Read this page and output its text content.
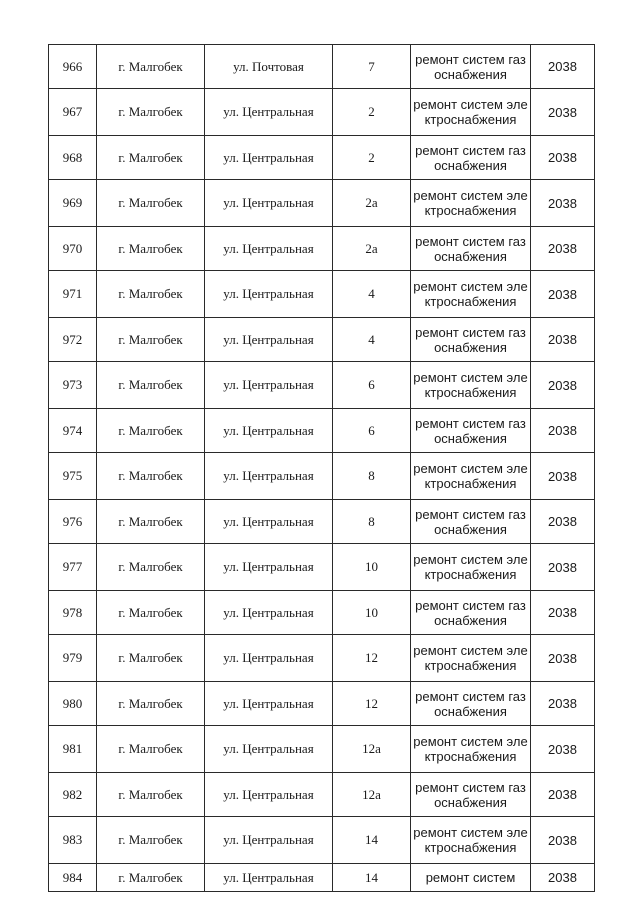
966	г. Малгобек	ул. Почтовая	7	ремонт систем газоснабжения	2038
967	г. Малгобек	ул. Центральная	2	ремонт систем электроснабжения	2038
968	г. Малгобек	ул. Центральная	2	ремонт систем газоснабжения	2038
969	г. Малгобек	ул. Центральная	2а	ремонт систем электроснабжения	2038
970	г. Малгобек	ул. Центральная	2а	ремонт систем газоснабжения	2038
971	г. Малгобек	ул. Центральная	4	ремонт систем электроснабжения	2038
972	г. Малгобек	ул. Центральная	4	ремонт систем газоснабжения	2038
973	г. Малгобек	ул. Центральная	6	ремонт систем электроснабжения	2038
974	г. Малгобек	ул. Центральная	6	ремонт систем газоснабжения	2038
975	г. Малгобек	ул. Центральная	8	ремонт систем электроснабжения	2038
976	г. Малгобек	ул. Центральная	8	ремонт систем газоснабжения	2038
977	г. Малгобек	ул. Центральная	10	ремонт систем электроснабжения	2038
978	г. Малгобек	ул. Центральная	10	ремонт систем газоснабжения	2038
979	г. Малгобек	ул. Центральная	12	ремонт систем электроснабжения	2038
980	г. Малгобек	ул. Центральная	12	ремонт систем газоснабжения	2038
981	г. Малгобек	ул. Центральная	12а	ремонт систем электроснабжения	2038
982	г. Малгобек	ул. Центральная	12а	ремонт систем газоснабжения	2038
983	г. Малгобек	ул. Центральная	14	ремонт систем электроснабжения	2038
984	г. Малгобек	ул. Центральная	14	ремонт систем	2038
